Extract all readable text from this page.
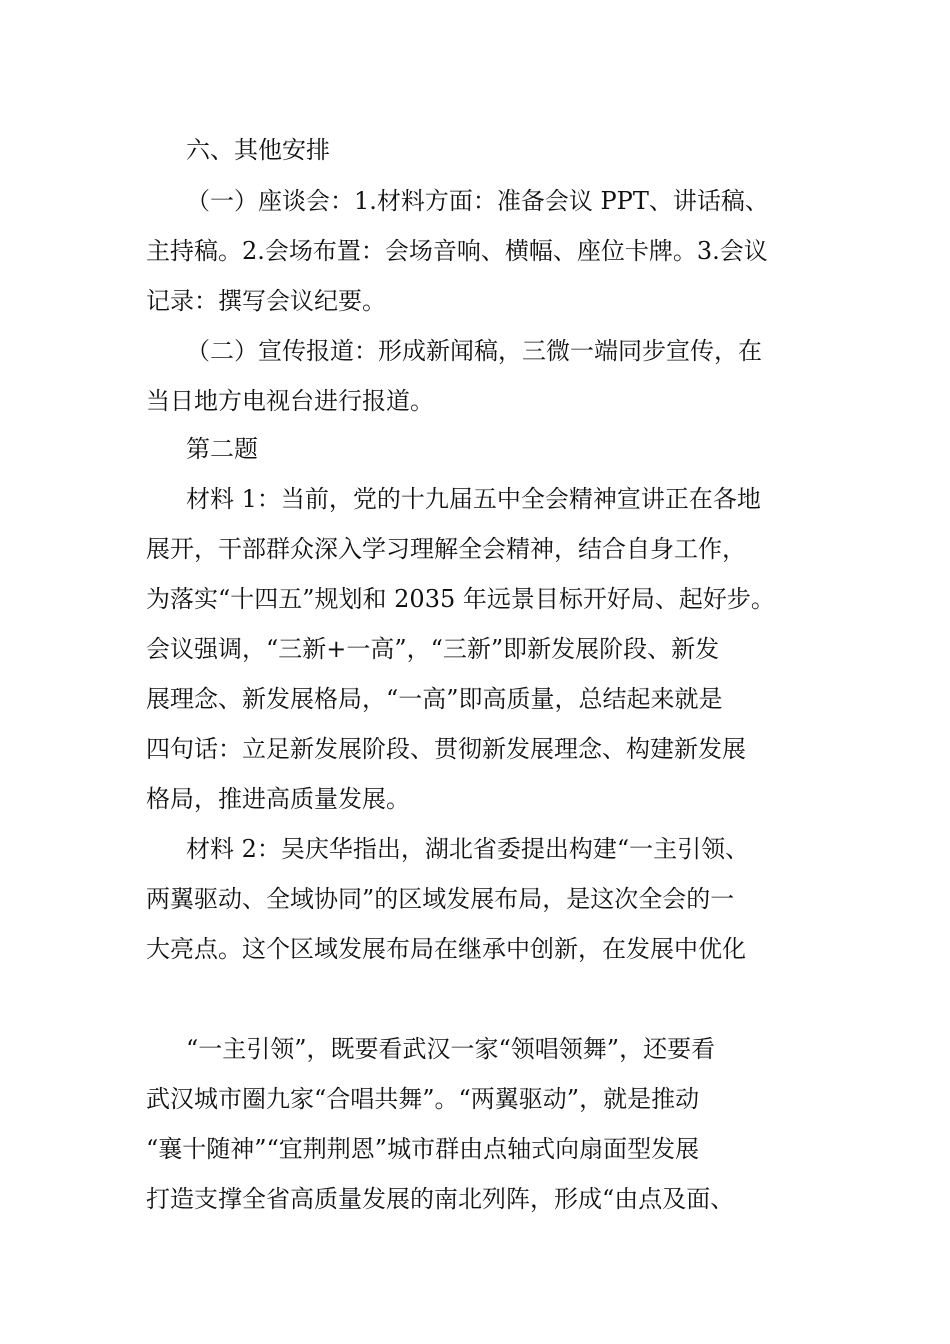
六、其他安排
（一）座谈会：1.材料方面：准备会议 PPT、讲话稿、
主持稿。2.会场布置：会场音响、横幅、座位卡牌。3.会议
记录：撰写会议纪要。
（二）宣传报道：形成新闻稿，三微一端同步宣传，在
当日地方电视台进行报道。
第二题
材料 1：当前，党的十九届五中全会精神宣讲正在各地
展开，干部群众深入学习理解全会精神，结合自身工作，
为落实“十四五”规划和 2035 年远景目标开好局、起好步。
会议强调，“三新+一高”，“三新”即新发展阶段、新发
展理念、新发展格局，“一高”即高质量，总结起来就是
四句话：立足新发展阶段、贯彻新发展理念、构建新发展
格局，推进高质量发展。
材料 2：吴庆华指出，湖北省委提出构建“一主引领、
两翼驱动、全域协同”的区域发展布局，是这次全会的一
大亮点。这个区域发展布局在继承中创新，在发展中优化
“一主引领”，既要看武汉一家“领唱领舞”，还要看
武汉城市圈九家“合唱共舞”。“两翼驱动”，就是推动
“襄十随神”“宜荆荆恩”城市群由点轴式向扇面型发展
打造支撑全省高质量发展的南北列阵，形成“由点及面、
